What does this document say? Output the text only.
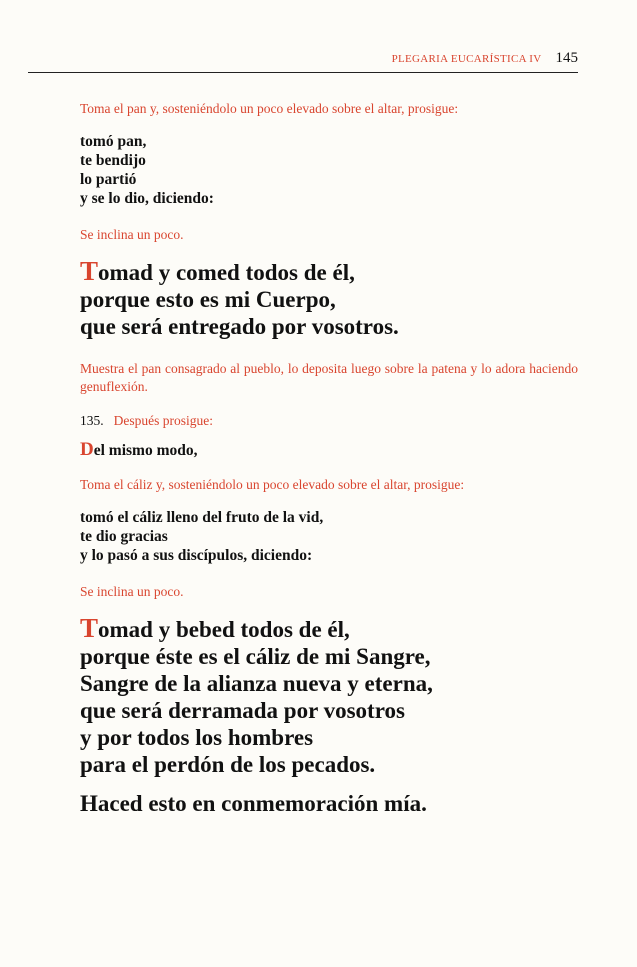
PLEGARIA EUCARÍSTICA IV 145

Toma el pan y, sosteniéndolo un poco elevado sobre el altar, prosigue:

tomó pan,
te bendijo
lo partió
y se lo dio, diciendo:

Se inclina un poco.

Tomad y comed todos de él,
porque esto es mi Cuerpo,
que será entregado por vosotros.

Muestra el pan consagrado al pueblo, lo deposita luego sobre la patena y lo adora haciendo genuflexión.

135. Después prosigue:

Del mismo modo,

Toma el cáliz y, sosteniéndolo un poco elevado sobre el altar, prosigue:

tomó el cáliz lleno del fruto de la vid,
te dio gracias
y lo pasó a sus discípulos, diciendo:

Se inclina un poco.

Tomad y bebed todos de él,
porque éste es el cáliz de mi Sangre,
Sangre de la alianza nueva y eterna,
que será derramada por vosotros
y por todos los hombres
para el perdón de los pecados.

Haced esto en conmemoración mía.
